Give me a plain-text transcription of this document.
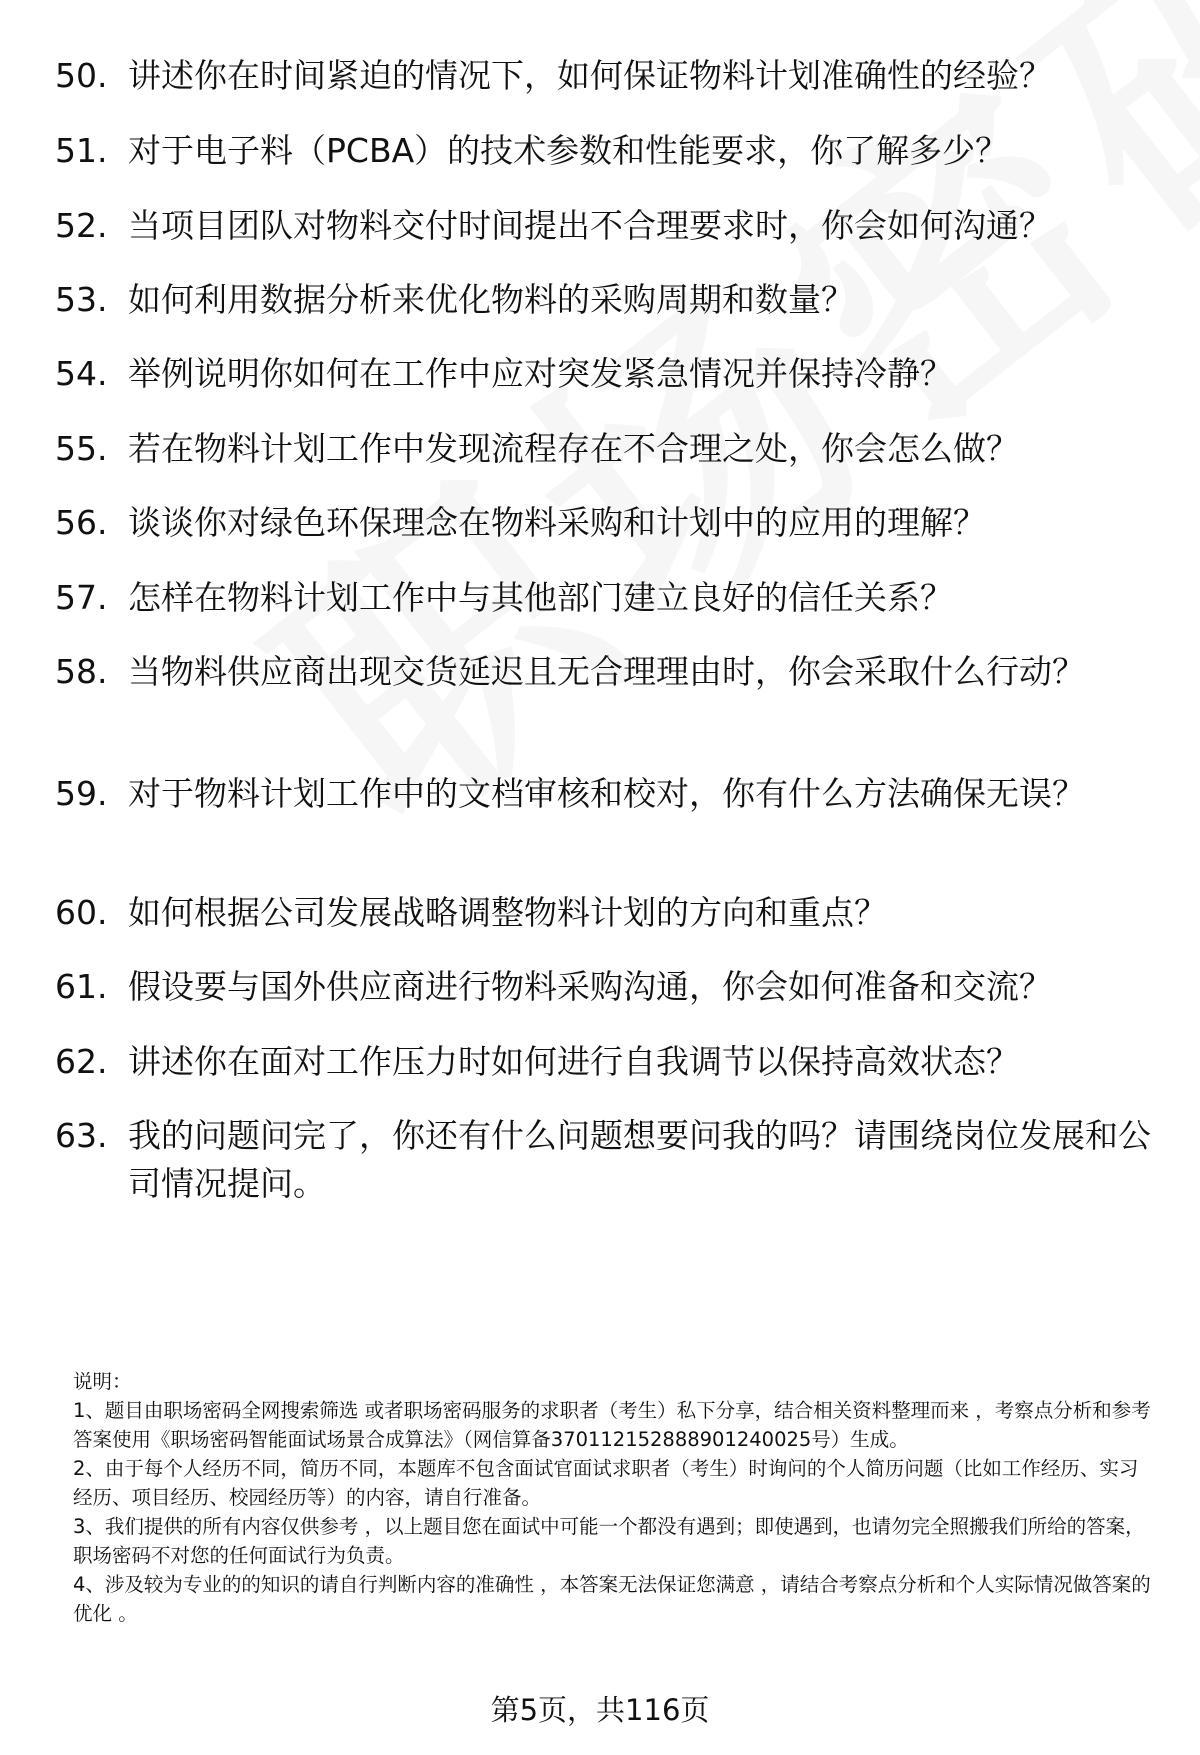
50. 讲述你在时间紧迫的情况下，如何保证物料计划准确性的经验？
51. 对于电子料（PCBA）的技术参数和性能要求，你了解多少？
52. 当项目团队对物料交付时间提出不合理要求时，你会如何沟通？
53. 如何利用数据分析来优化物料的采购周期和数量？
54. 举例说明你如何在工作中应对突发紧急情况并保持冷静？
55. 若在物料计划工作中发现流程存在不合理之处，你会怎么做？
56. 谈谈你对绿色环保理念在物料采购和计划中的应用的理解？
57. 怎样在物料计划工作中与其他部门建立良好的信任关系？
58. 当物料供应商出现交货延迟且无合理理由时，你会采取什么行动？
59. 对于物料计划工作中的文档审核和校对，你有什么方法确保无误？
60. 如何根据公司发展战略调整物料计划的方向和重点？
61. 假设要与国外供应商进行物料采购沟通，你会如何准备和交流？
62. 讲述你在面对工作压力时如何进行自我调节以保持高效状态？
63. 我的问题问完了，你还有什么问题想要问我的吗？请围绕岗位发展和公司情况提问。

说明：

1、题目由职场密码全网搜索筛选 或者职场密码服务的求职者（考生）私下分享，结合相关资料整理而来 ，考察点分析和参考答案使用《职场密码智能面试场景合成算法》（网信算备370112152888901240025号）生成。

2、由于每个人经历不同，简历不同，本题库不包含面试官面试求职者（考生）时询问的个人简历问题（比如工作经历、实习经历、项目经历、校园经历等）的内容，请自行准备。

3、我们提供的所有内容仅供参考 ，以上题目您在面试中可能一个都没有遇到；即使遇到，也请勿完全照搬我们所给的答案，职场密码不对您的任何面试行为负责。

4、涉及较为专业的的知识的请自行判断内容的准确性 ，本答案无法保证您满意 ，请结合考察点分析和个人实际情况做答案的优化 。

第5页，共116页
